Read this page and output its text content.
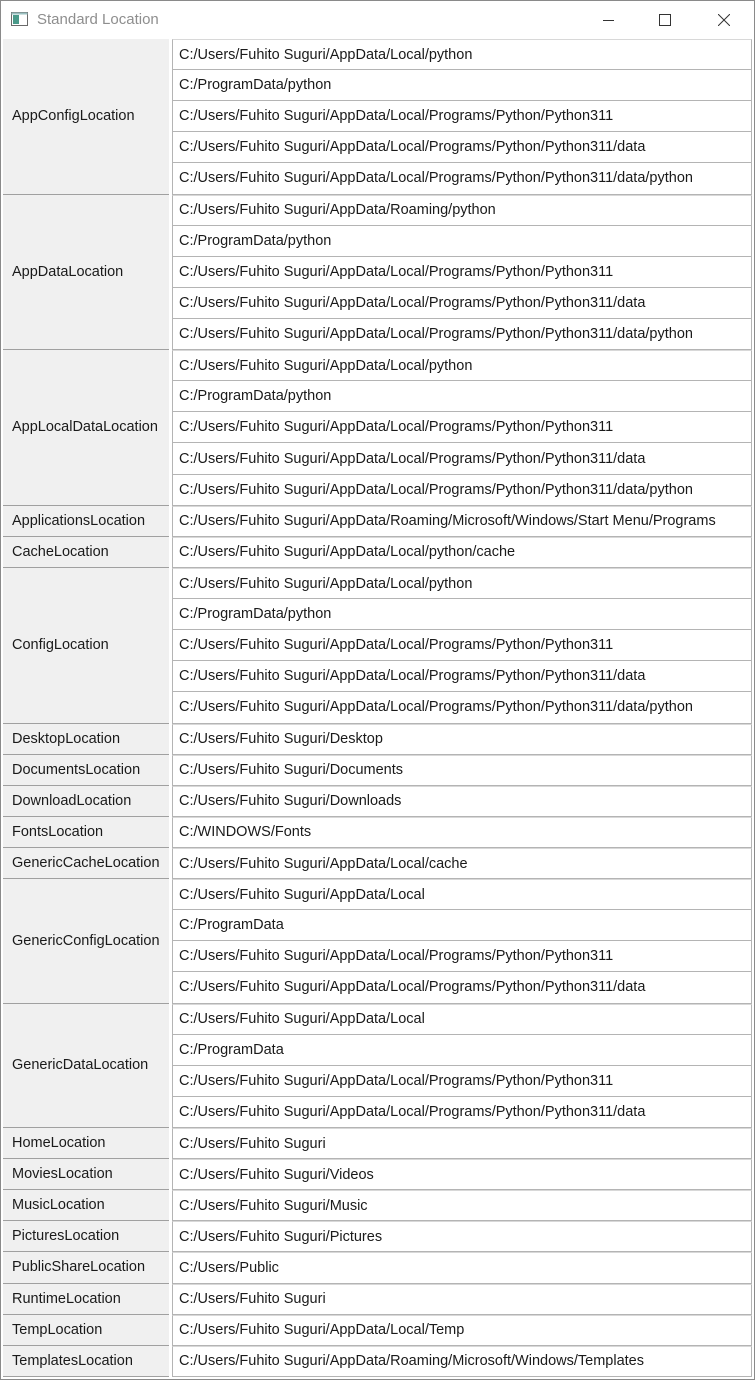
Standard Location
AppConfigLocation
C:/Users/Fuhito Suguri/AppData/Local/python
C:/ProgramData/python
C:/Users/Fuhito Suguri/AppData/Local/Programs/Python/Python311
C:/Users/Fuhito Suguri/AppData/Local/Programs/Python/Python311/data
C:/Users/Fuhito Suguri/AppData/Local/Programs/Python/Python311/data/python
AppDataLocation
C:/Users/Fuhito Suguri/AppData/Roaming/python
C:/ProgramData/python
C:/Users/Fuhito Suguri/AppData/Local/Programs/Python/Python311
C:/Users/Fuhito Suguri/AppData/Local/Programs/Python/Python311/data
C:/Users/Fuhito Suguri/AppData/Local/Programs/Python/Python311/data/python
AppLocalDataLocation
C:/Users/Fuhito Suguri/AppData/Local/python
C:/ProgramData/python
C:/Users/Fuhito Suguri/AppData/Local/Programs/Python/Python311
C:/Users/Fuhito Suguri/AppData/Local/Programs/Python/Python311/data
C:/Users/Fuhito Suguri/AppData/Local/Programs/Python/Python311/data/python
ApplicationsLocation	C:/Users/Fuhito Suguri/AppData/Roaming/Microsoft/Windows/Start Menu/Programs
CacheLocation	C:/Users/Fuhito Suguri/AppData/Local/python/cache
ConfigLocation
C:/Users/Fuhito Suguri/AppData/Local/python
C:/ProgramData/python
C:/Users/Fuhito Suguri/AppData/Local/Programs/Python/Python311
C:/Users/Fuhito Suguri/AppData/Local/Programs/Python/Python311/data
C:/Users/Fuhito Suguri/AppData/Local/Programs/Python/Python311/data/python
DesktopLocation	C:/Users/Fuhito Suguri/Desktop
DocumentsLocation	C:/Users/Fuhito Suguri/Documents
DownloadLocation	C:/Users/Fuhito Suguri/Downloads
FontsLocation	C:/WINDOWS/Fonts
GenericCacheLocation	C:/Users/Fuhito Suguri/AppData/Local/cache
GenericConfigLocation
C:/Users/Fuhito Suguri/AppData/Local
C:/ProgramData
C:/Users/Fuhito Suguri/AppData/Local/Programs/Python/Python311
C:/Users/Fuhito Suguri/AppData/Local/Programs/Python/Python311/data
GenericDataLocation
C:/Users/Fuhito Suguri/AppData/Local
C:/ProgramData
C:/Users/Fuhito Suguri/AppData/Local/Programs/Python/Python311
C:/Users/Fuhito Suguri/AppData/Local/Programs/Python/Python311/data
HomeLocation	C:/Users/Fuhito Suguri
MoviesLocation	C:/Users/Fuhito Suguri/Videos
MusicLocation	C:/Users/Fuhito Suguri/Music
PicturesLocation	C:/Users/Fuhito Suguri/Pictures
PublicShareLocation	C:/Users/Public
RuntimeLocation	C:/Users/Fuhito Suguri
TempLocation	C:/Users/Fuhito Suguri/AppData/Local/Temp
TemplatesLocation	C:/Users/Fuhito Suguri/AppData/Roaming/Microsoft/Windows/Templates
